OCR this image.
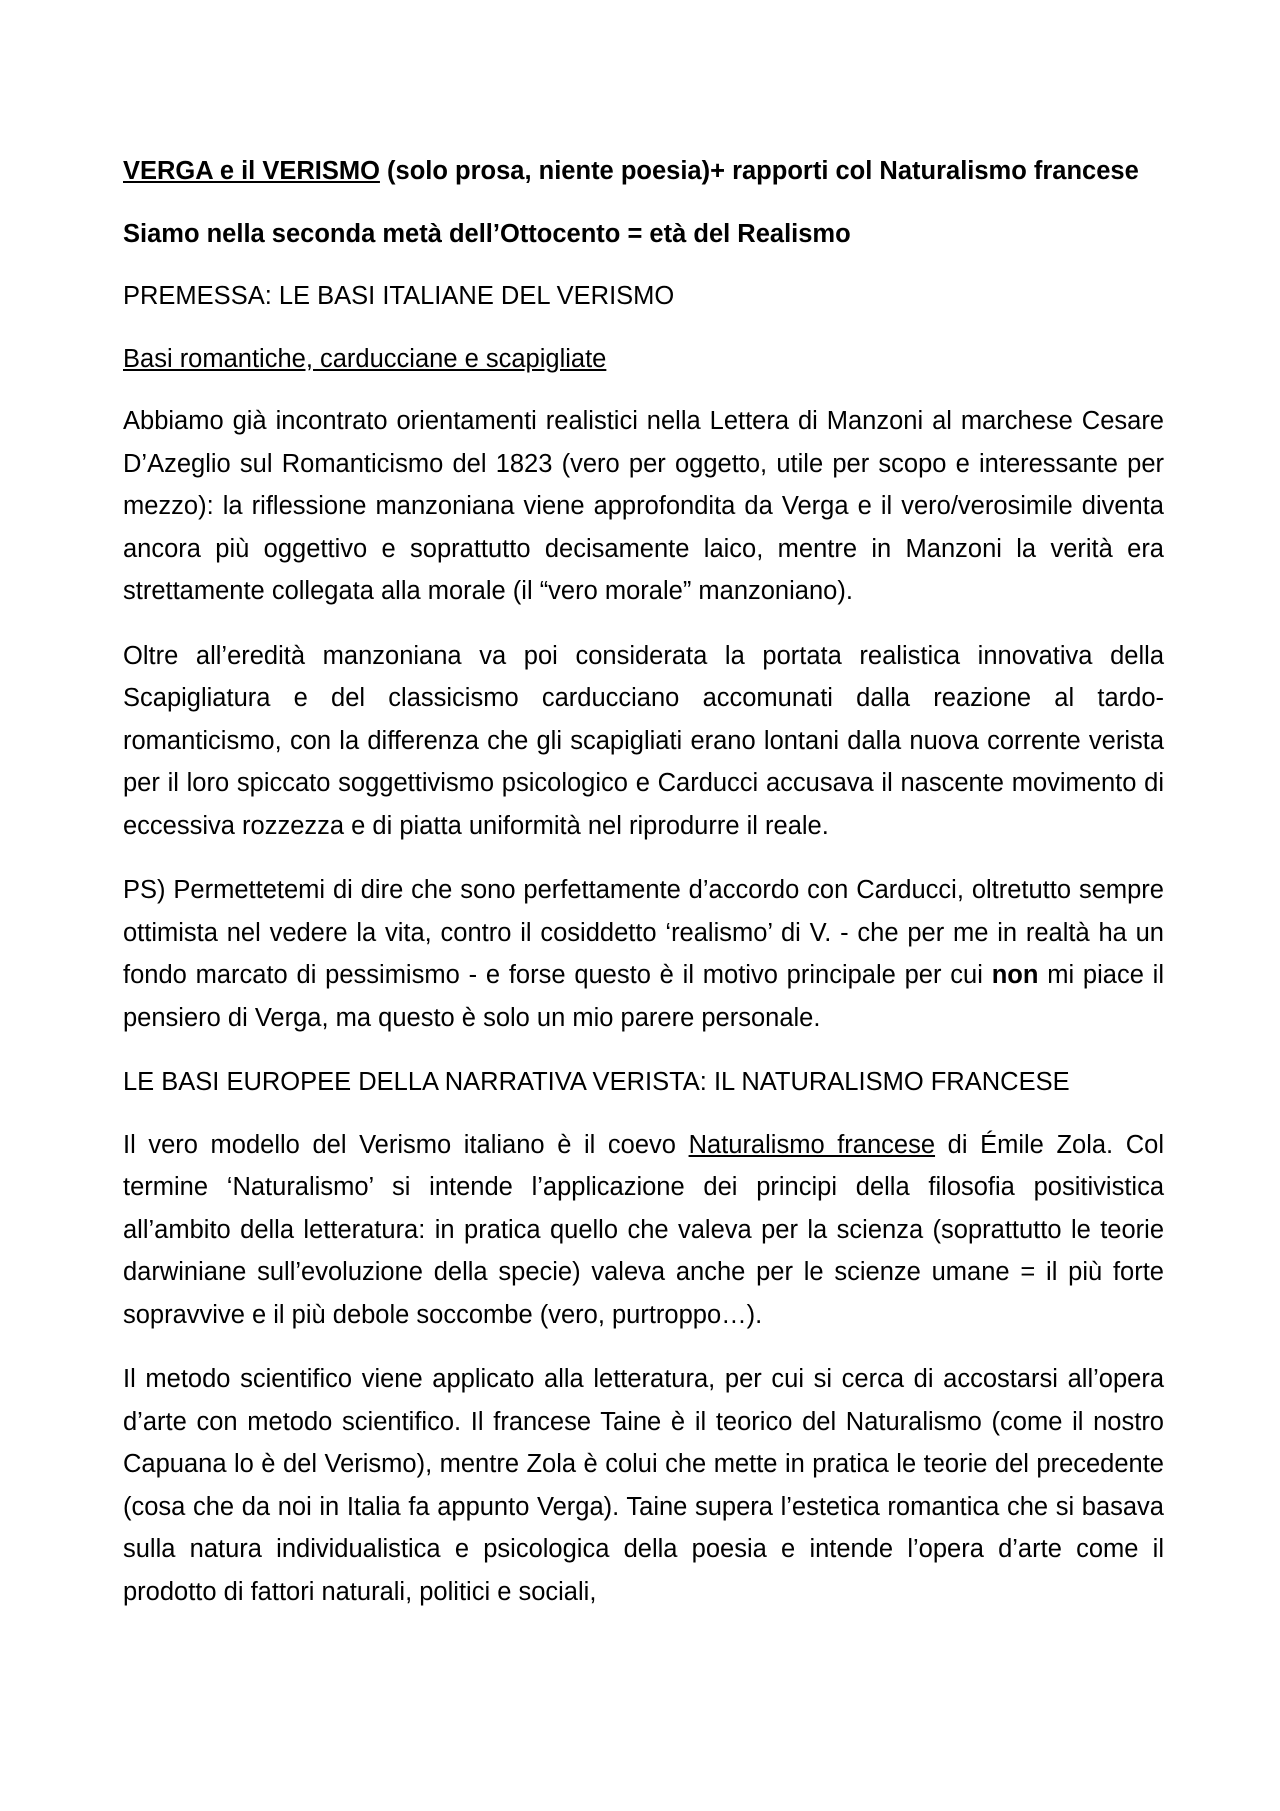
VERGA e il VERISMO (solo prosa, niente poesia)+ rapporti col Naturalismo francese

Siamo nella seconda metà dell’Ottocento = età del Realismo

PREMESSA: LE BASI ITALIANE DEL VERISMO

Basi romantiche, carducciane e scapigliate

Abbiamo già incontrato orientamenti realistici nella Lettera di Manzoni al marchese Cesare D’Azeglio sul Romanticismo del 1823 (vero per oggetto, utile per scopo e interessante per mezzo): la riflessione manzoniana viene approfondita da Verga e il vero/verosimile diventa ancora più oggettivo e soprattutto decisamente laico, mentre in Manzoni la verità era strettamente collegata alla morale (il “vero morale” manzoniano).

Oltre all’eredità manzoniana va poi considerata la portata realistica innovativa della Scapigliatura e del classicismo carducciano accomunati dalla reazione al tardo-romanticismo, con la differenza che gli scapigliati erano lontani dalla nuova corrente verista per il loro spiccato soggettivismo psicologico e Carducci accusava il nascente movimento di eccessiva rozzezza e di piatta uniformità nel riprodurre il reale.

PS) Permettetemi di dire che sono perfettamente d’accordo con Carducci, oltretutto sempre ottimista nel vedere la vita, contro il cosiddetto ‘realismo’ di V. - che per me in realtà ha un fondo marcato di pessimismo - e forse questo è il motivo principale per cui non mi piace il pensiero di Verga, ma questo è solo un mio parere personale.

LE BASI EUROPEE DELLA NARRATIVA VERISTA: IL NATURALISMO FRANCESE

Il vero modello del Verismo italiano è il coevo Naturalismo francese di Émile Zola. Col termine ‘Naturalismo’ si intende l’applicazione dei principi della filosofia positivistica all’ambito della letteratura: in pratica quello che valeva per la scienza (soprattutto le teorie darwiniane sull’evoluzione della specie) valeva anche per le scienze umane = il più forte sopravvive e il più debole soccombe (vero, purtroppo…).

Il metodo scientifico viene applicato alla letteratura, per cui si cerca di accostarsi all’opera d’arte con metodo scientifico. Il francese Taine è il teorico del Naturalismo (come il nostro Capuana lo è del Verismo), mentre Zola è colui che mette in pratica le teorie del precedente (cosa che da noi in Italia fa appunto Verga). Taine supera l’estetica romantica che si basava sulla natura individualistica e psicologica della poesia e intende l’opera d’arte come il prodotto di fattori naturali, politici e sociali,
